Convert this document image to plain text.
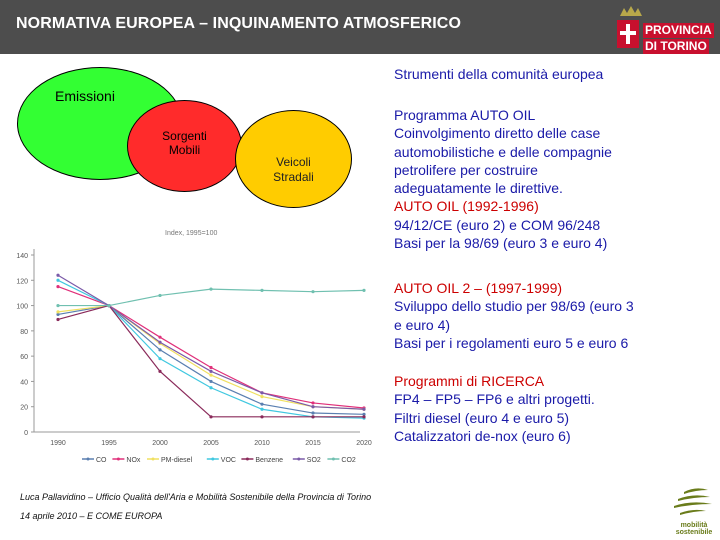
NORMATIVA EUROPEA – INQUINAMENTO ATMOSFERICO	PROVINCIA
DI TORINO
Strumenti della comunità europea
Emissioni
Sorgenti
Mobili
Veicoli
Stradali
Index, 1995=100
0
20
40
60
80
100
120
140
1990	1995	2000	2005	2010	2015	2020
CO	NOx	PM-diesel	VOC	Benzene	SO2	CO2
Programma AUTO OIL
Coinvolgimento diretto delle case
automobilistiche e delle compagnie
petrolifere per costruire
adeguatamente le direttive.
AUTO OIL (1992-1996)
94/12/CE (euro 2) e COM 96/248
Basi per la 98/69 (euro 3 e euro 4)
AUTO OIL 2 – (1997-1999)
Sviluppo dello studio per 98/69 (euro 3
e euro 4)
Basi per i regolamenti euro 5 e euro 6
Programmi di RICERCA
FP4 – FP5 – FP6 e altri progetti.
Filtri diesel (euro 4 e euro 5)
Catalizzatori de-nox (euro 6)
Luca Pallavidino – Ufficio Qualità dell'Aria e Mobilità Sostenibile della Provincia di Torino
14 aprile 2010 – E COME EUROPA
mobilità
sostenibile
